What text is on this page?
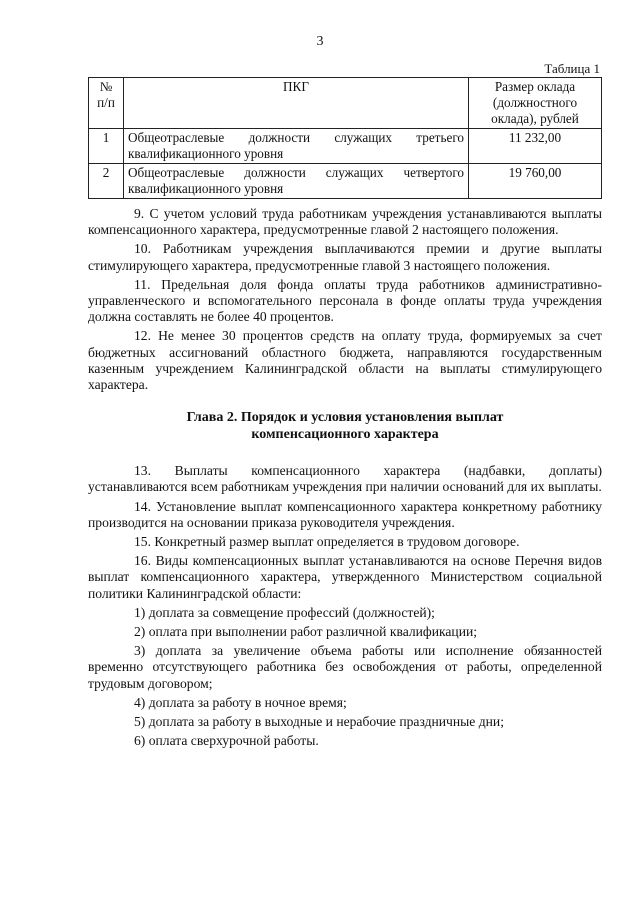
3
Таблица 1
№
п/п	ПКГ	Размер оклада (должностного оклада), рублей
1	Общеотраслевые должности служащих третьего квалификационного уровня	11 232,00
2	Общеотраслевые должности служащих четвертого квалификационного уровня	19 760,00

9. С учетом условий труда работникам учреждения устанавливаются выплаты компенсационного характера, предусмотренные главой 2 настоящего положения.

10. Работникам учреждения выплачиваются премии и другие выплаты стимулирующего характера, предусмотренные главой 3 настоящего положения.

11. Предельная доля фонда оплаты труда работников административно-управленческого и вспомогательного персонала в фонде оплаты труда учреждения должна составлять не более 40 процентов.

12. Не менее 30 процентов средств на оплату труда, формируемых за счет бюджетных ассигнований областного бюджета, направляются государственным казенным учреждением Калининградской области на выплаты стимулирующего характера.

Глава 2. Порядок и условия установления выплат компенсационного характера

13. Выплаты компенсационного характера (надбавки, доплаты) устанавливаются всем работникам учреждения при наличии оснований для их выплаты.

14. Установление выплат компенсационного характера конкретному работнику производится на основании приказа руководителя учреждения.

15. Конкретный размер выплат определяется в трудовом договоре.

16. Виды компенсационных выплат устанавливаются на основе Перечня видов выплат компенсационного характера, утвержденного Министерством социальной политики Калининградской области:

1) доплата за совмещение профессий (должностей);

2) оплата при выполнении работ различной квалификации;

3) доплата за увеличение объема работы или исполнение обязанностей временно отсутствующего работника без освобождения от работы, определенной трудовым договором;

4) доплата за работу в ночное время;

5) доплата за работу в выходные и нерабочие праздничные дни;

6) оплата сверхурочной работы.
